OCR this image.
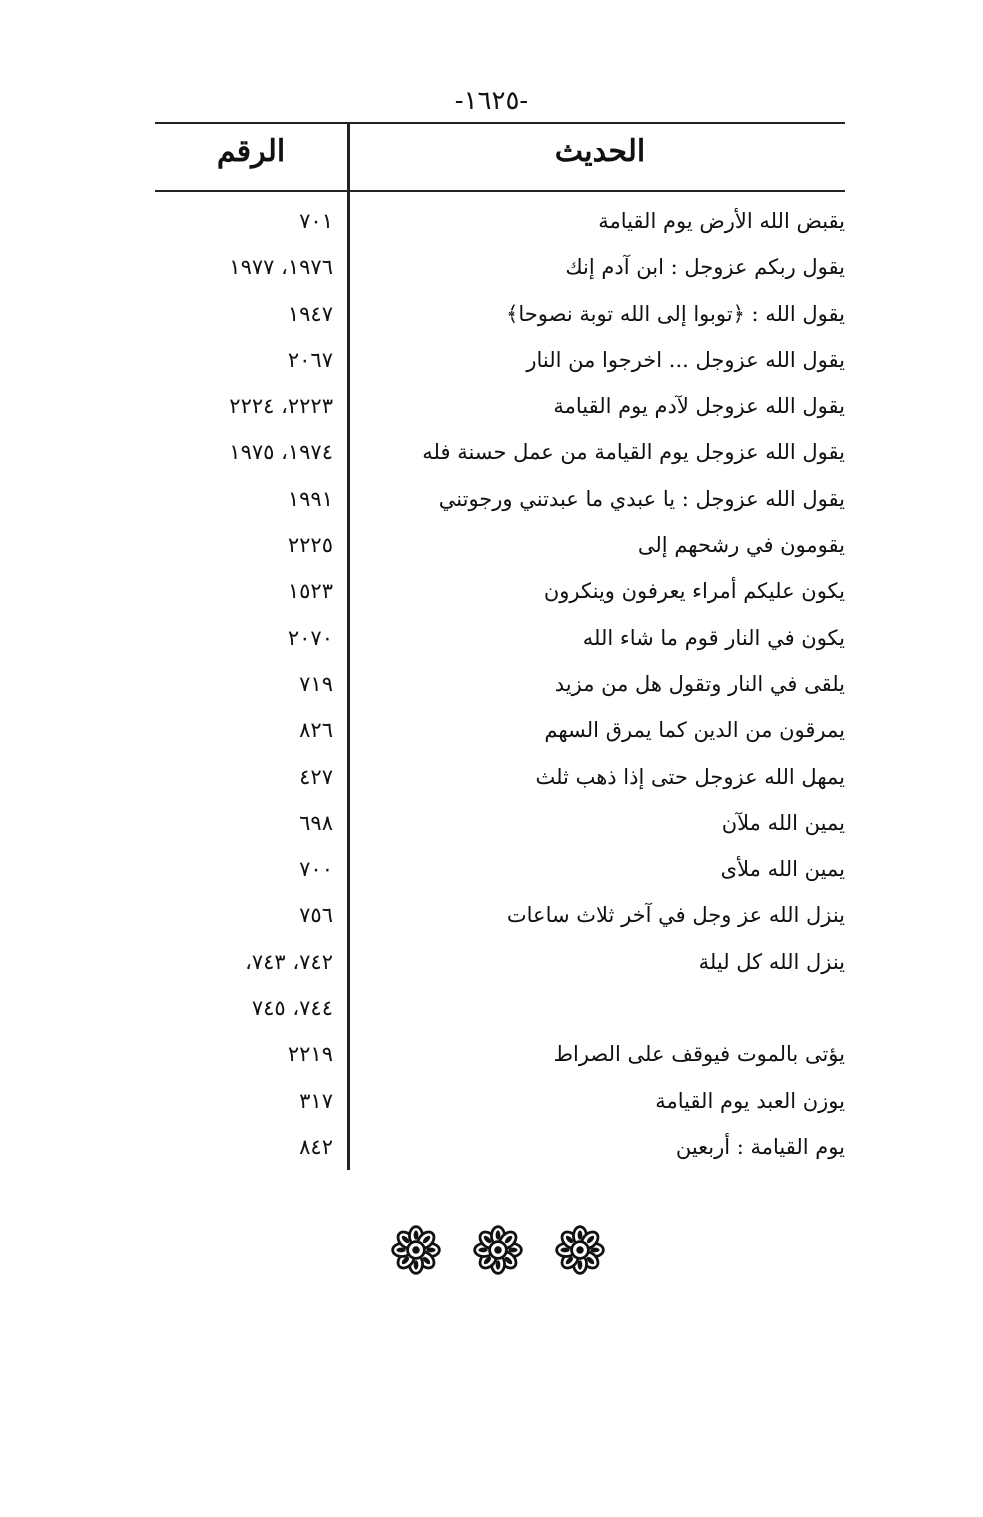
-١٦٢٥-
الحديث
الرقم
يقبض الله الأرض يوم القيامة
٧٠١
يقول ربكم عزوجل : ابن آدم إنك
١٩٧٦، ١٩٧٧
يقول الله : ﴿توبوا إلى الله توبة نصوحا﴾
١٩٤٧
يقول الله عزوجل ... اخرجوا من النار
٢٠٦٧
يقول الله عزوجل لآدم يوم القيامة
٢٢٢٣، ٢٢٢٤
يقول الله عزوجل يوم القيامة من عمل حسنة فله
١٩٧٤، ١٩٧٥
يقول الله عزوجل : يا عبدي ما عبدتني ورجوتني
١٩٩١
يقومون في رشحهم إلى
٢٢٢٥
يكون عليكم أمراء يعرفون وينكرون
١٥٢٣
يكون في النار قوم ما شاء الله
٢٠٧٠
يلقى في النار وتقول هل من مزيد
٧١٩
يمرقون من الدين كما يمرق السهم
٨٢٦
يمهل الله عزوجل حتى إذا ذهب ثلث
٤٢٧
يمين الله ملآن
٦٩٨
يمين الله ملأى
٧٠٠
ينزل الله عز وجل في آخر ثلاث ساعات
٧٥٦
ينزل الله كل ليلة
٧٤٢، ٧٤٣،
٧٤٤، ٧٤٥
يؤتى بالموت فيوقف على الصراط
٢٢١٩
يوزن العبد يوم القيامة
٣١٧
يوم القيامة : أربعين
٨٤٢
